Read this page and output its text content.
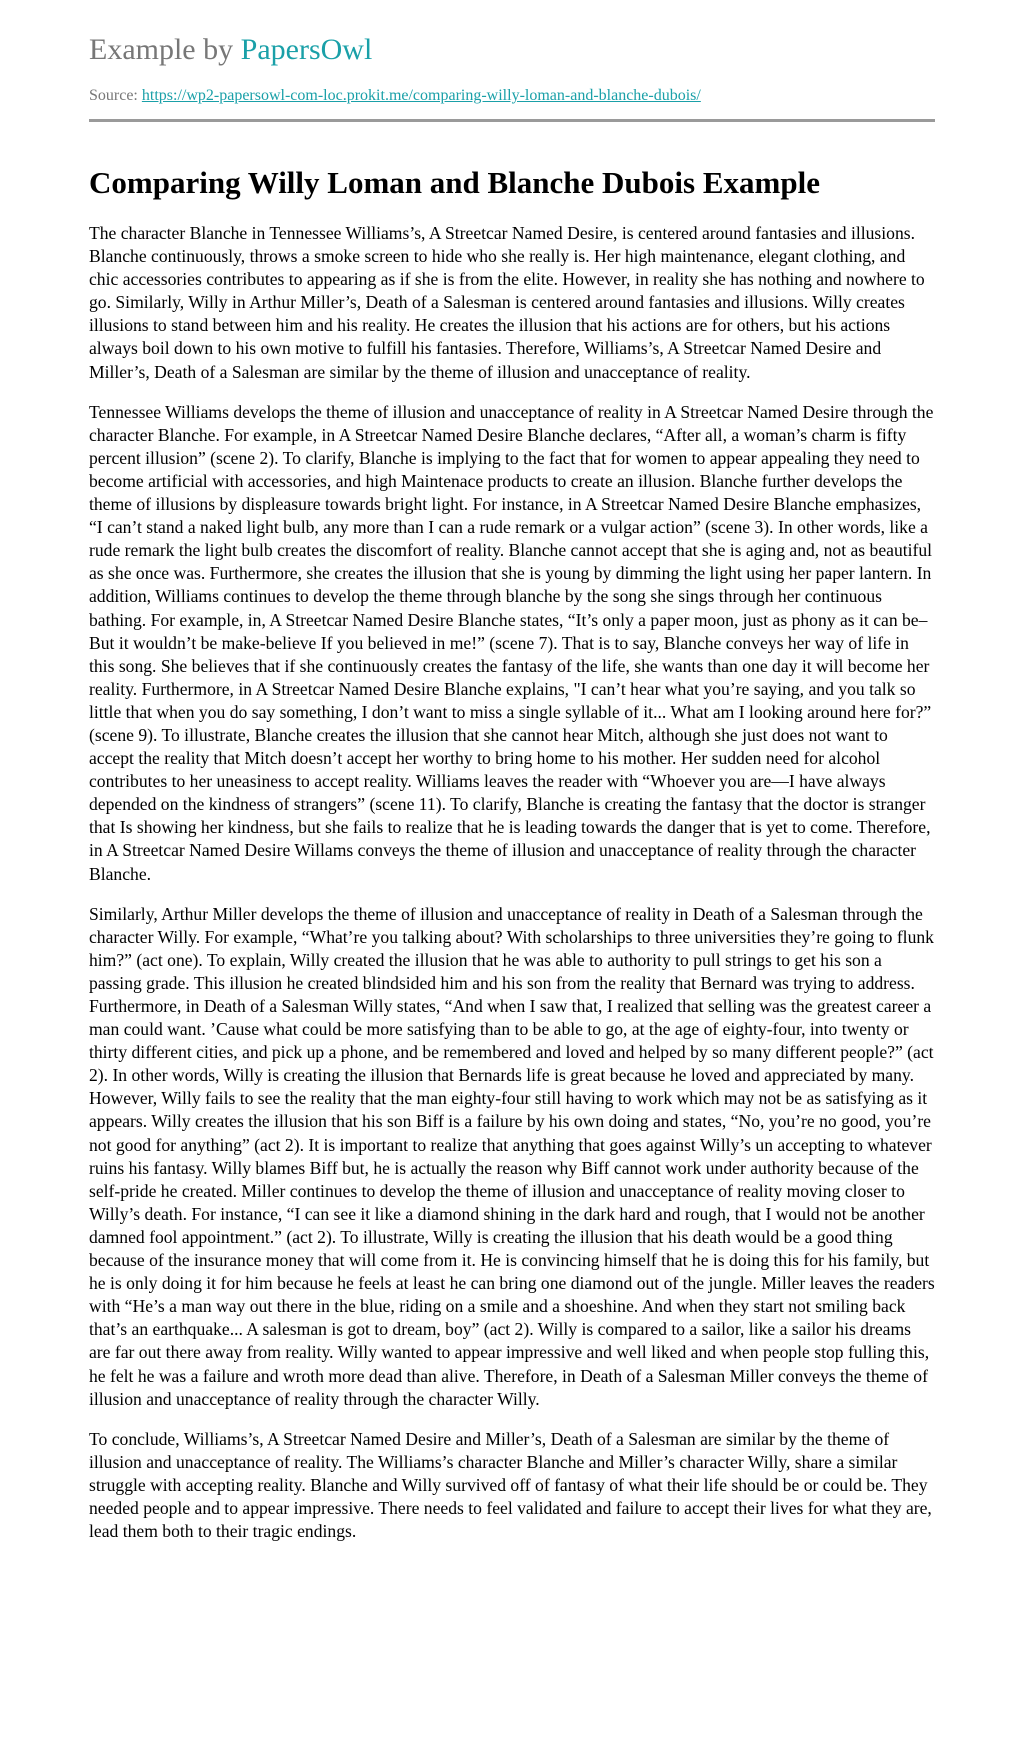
Example by PapersOwl
Source: https://wp2-papersowl-com-loc.prokit.me/comparing-willy-loman-and-blanche-dubois/
Comparing Willy Loman and Blanche Dubois Example

The character Blanche in Tennessee Williams’s, A Streetcar Named Desire, is centered around fantasies and illusions. Blanche continuously, throws a smoke screen to hide who she really is. Her high maintenance, elegant clothing, and chic accessories contributes to appearing as if she is from the elite. However, in reality she has nothing and nowhere to go. Similarly, Willy in Arthur Miller’s, Death of a Salesman is centered around fantasies and illusions. Willy creates illusions to stand between him and his reality. He creates the illusion that his actions are for others, but his actions always boil down to his own motive to fulfill his fantasies. Therefore, Williams’s, A Streetcar Named Desire and Miller’s, Death of a Salesman are similar by the theme of illusion and unacceptance of reality.

Tennessee Williams develops the theme of illusion and unacceptance of reality in A Streetcar Named Desire through the character Blanche. For example, in A Streetcar Named Desire Blanche declares, “After all, a woman’s charm is fifty percent illusion” (scene 2). To clarify, Blanche is implying to the fact that for women to appear appealing they need to become artificial with accessories, and high Maintenace products to create an illusion. Blanche further develops the theme of illusions by displeasure towards bright light. For instance, in A Streetcar Named Desire Blanche emphasizes, “I can’t stand a naked light bulb, any more than I can a rude remark or a vulgar action” (scene 3). In other words, like a rude remark the light bulb creates the discomfort of reality. Blanche cannot accept that she is aging and, not as beautiful as she once was. Furthermore, she creates the illusion that she is young by dimming the light using her paper lantern. In addition, Williams continues to develop the theme through blanche by the song she sings through her continuous bathing. For example, in, A Streetcar Named Desire Blanche states, “It’s only a paper moon, just as phony as it can be–But it wouldn’t be make-believe If you believed in me!” (scene 7). That is to say, Blanche conveys her way of life in this song. She believes that if she continuously creates the fantasy of the life, she wants than one day it will become her reality. Furthermore, in A Streetcar Named Desire Blanche explains, "I can’t hear what you’re saying, and you talk so little that when you do say something, I don’t want to miss a single syllable of it... What am I looking around here for?” (scene 9). To illustrate, Blanche creates the illusion that she cannot hear Mitch, although she just does not want to accept the reality that Mitch doesn’t accept her worthy to bring home to his mother. Her sudden need for alcohol contributes to her uneasiness to accept reality. Williams leaves the reader with “Whoever you are—I have always depended on the kindness of strangers” (scene 11). To clarify, Blanche is creating the fantasy that the doctor is stranger that Is showing her kindness, but she fails to realize that he is leading towards the danger that is yet to come. Therefore, in A Streetcar Named Desire Willams conveys the theme of illusion and unacceptance of reality through the character Blanche.

Similarly, Arthur Miller develops the theme of illusion and unacceptance of reality in Death of a Salesman through the character Willy. For example, “What’re you talking about? With scholarships to three universities they’re going to flunk him?” (act one). To explain, Willy created the illusion that he was able to authority to pull strings to get his son a passing grade. This illusion he created blindsided him and his son from the reality that Bernard was trying to address. Furthermore, in Death of a Salesman Willy states, “And when I saw that, I realized that selling was the greatest career a man could want. ’Cause what could be more satisfying than to be able to go, at the age of eighty-four, into twenty or thirty different cities, and pick up a phone, and be remembered and loved and helped by so many different people?” (act 2). In other words, Willy is creating the illusion that Bernards life is great because he loved and appreciated by many. However, Willy fails to see the reality that the man eighty-four still having to work which may not be as satisfying as it appears. Willy creates the illusion that his son Biff is a failure by his own doing and states, “No, you’re no good, you’re not good for anything” (act 2). It is important to realize that anything that goes against Willy’s un accepting to whatever ruins his fantasy. Willy blames Biff but, he is actually the reason why Biff cannot work under authority because of the self-pride he created. Miller continues to develop the theme of illusion and unacceptance of reality moving closer to Willy’s death. For instance, “I can see it like a diamond shining in the dark hard and rough, that I would not be another damned fool appointment.” (act 2). To illustrate, Willy is creating the illusion that his death would be a good thing because of the insurance money that will come from it. He is convincing himself that he is doing this for his family, but he is only doing it for him because he feels at least he can bring one diamond out of the jungle. Miller leaves the readers with “He’s a man way out there in the blue, riding on a smile and a shoeshine. And when they start not smiling back that’s an earthquake... A salesman is got to dream, boy” (act 2). Willy is compared to a sailor, like a sailor his dreams are far out there away from reality. Willy wanted to appear impressive and well liked and when people stop fulling this, he felt he was a failure and wroth more dead than alive. Therefore, in Death of a Salesman Miller conveys the theme of illusion and unacceptance of reality through the character Willy.

To conclude, Williams’s, A Streetcar Named Desire and Miller’s, Death of a Salesman are similar by the theme of illusion and unacceptance of reality. The Williams’s character Blanche and Miller’s character Willy, share a similar struggle with accepting reality. Blanche and Willy survived off of fantasy of what their life should be or could be. They needed people and to appear impressive. There needs to feel validated and failure to accept their lives for what they are, lead them both to their tragic endings.
